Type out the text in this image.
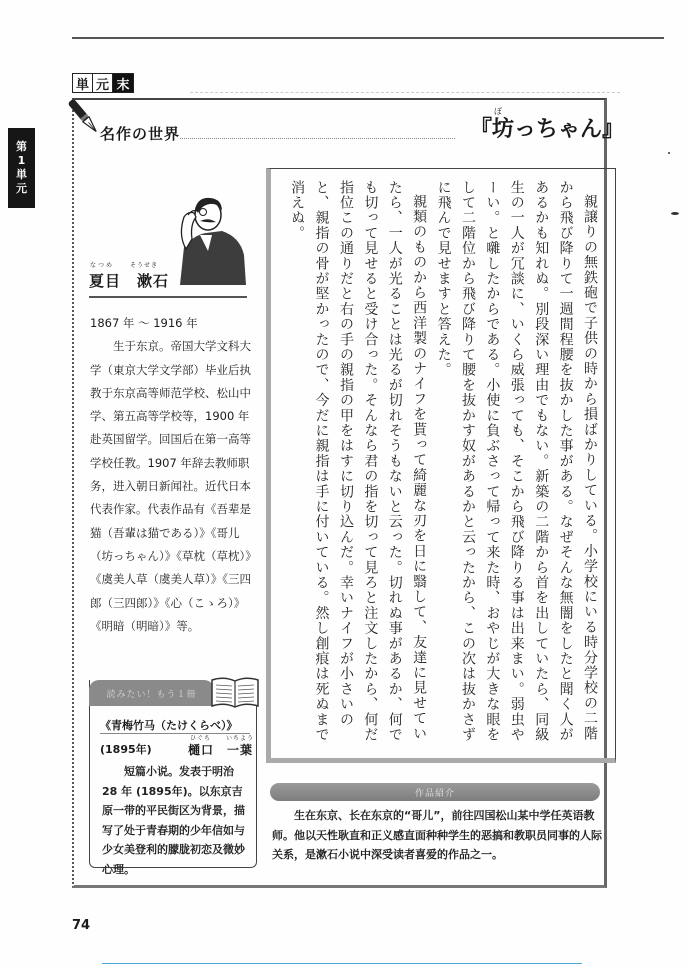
単 元 末
第
1
単
元
名作の世界
ぼ
『坊っちゃん』
なつめ	そうせき
夏目　漱石

1867 年 ～ 1916 年

生于东京。帝国大学文科大学（東京大学文学部）毕业后执教于东京高等师范学校、松山中学、第五高等学校等，1900 年赴英国留学。回国后在第一高等学校任教。1907 年辞去教师职务，进入朝日新闻社。近代日本代表作家。代表作品有《吾辈是猫（吾輩は猫である）》《哥儿（坊っちゃん）》《草枕（草枕）》《虞美人草（虞美人草）》《三四郎（三四郎）》《心（こゝろ）》《明暗（明暗）》等。

読みたい！もう１冊
《青梅竹马（たけくらべ）》
(1895年)
ひぐち いちよう
樋口　一葉

短篇小说。发表于明治 28 年 (1895年)。以东京吉原一带的平民街区为背景，描写了处于青春期的少年信如与少女美登利的朦胧初恋及微妙心理。

親譲りの無鉄砲で子供の時から損ばかりしている。小学校にいる時分学校の二階から飛び降りて一週間程腰を抜かした事がある。なぜそんな無闇をしたと聞く人があるかも知れぬ。別段深い理由でもない。新築の二階から首を出していたら、同級生の一人が冗談に、いくら威張っても、そこから飛び降りる事は出来まい。弱虫やーい。と囃したからである。小使に負ぶさって帰って来た時、おやじが大きな眼をして二階位から飛び降りて腰を抜かす奴があるかと云ったから、この次は抜かさずに飛んで見せますと答えた。

親類のものから西洋製のナイフを貰って綺麗な刃を日に翳して、友達に見せていたら、一人が光ることは光るが切れそうもないと云った。切れぬ事があるか、何でも切って見せると受け合った。そんなら君の指を切って見ろと注文したから、何だ指位この通りだと右の手の親指の甲をはすに切り込んだ。幸いナイフが小さいのと、親指の骨が堅かったので、今だに親指は手に付いている。然し創痕は死ぬまで消えぬ。

作品紹介

生在东京、长在东京的“哥儿”，前往四国松山某中学任英语教师。他以天性耿直和正义感直面种种学生的恶搞和教职员同事的人际关系，是漱石小说中深受读者喜爱的作品之一。

74
